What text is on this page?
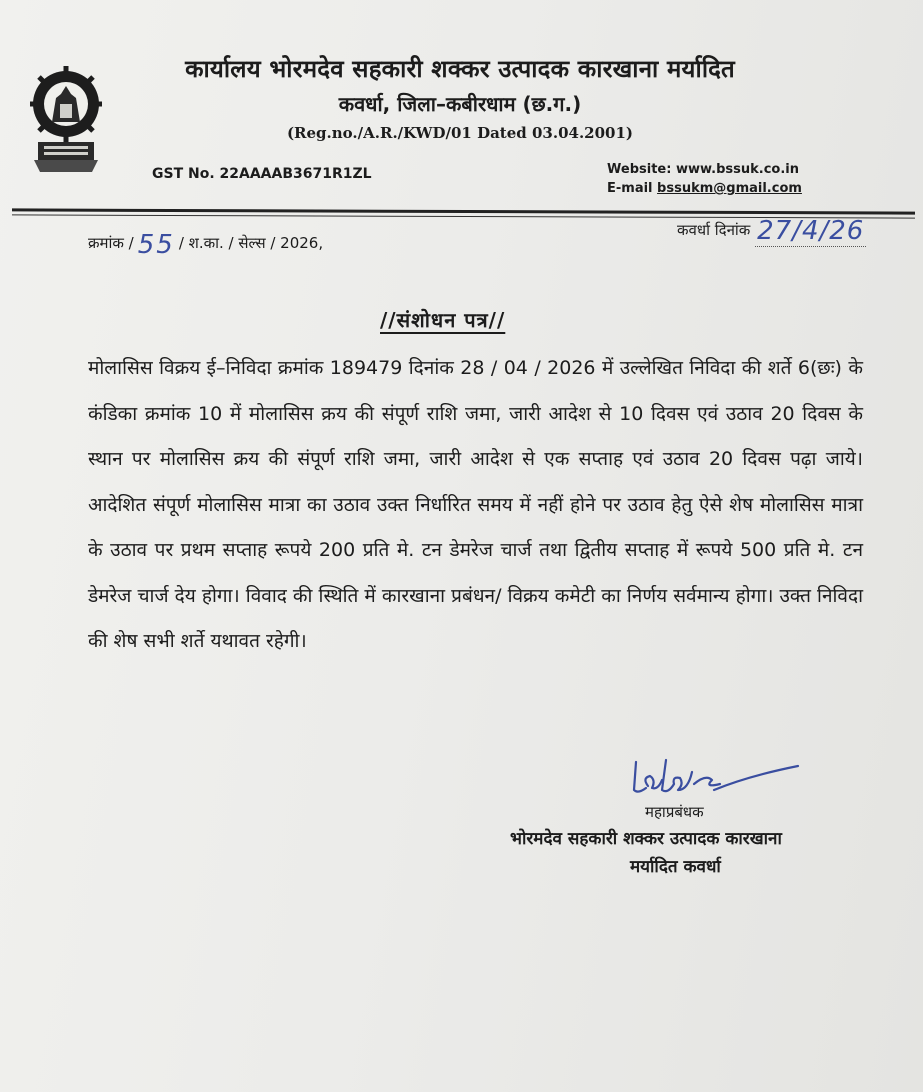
कार्यालय भोरमदेव सहकारी शक्कर उत्पादक कारखाना मर्यादित
कवर्धा, जिला–कबीरधाम (छ.ग.)
(Reg.no./A.R./KWD/01 Dated 03.04.2001)
GST No. 22AAAAB3671R1ZL	Website: www.bssuk.co.in
E-mail bssukm@gmail.com
क्रमांक / 55 / श.का. / सेल्स / 2026,
कवर्धा दिनांक 27/4/26
//संशोधन पत्र//
मोलासिस विक्रय ई–निविदा क्रमांक 189479 दिनांक 28 / 04 / 2026 में उल्लेखित निविदा की शर्ते 6(छः) के कंडिका क्रमांक 10 में मोलासिस क्रय की संपूर्ण राशि जमा, जारी आदेश से 10 दिवस एवं उठाव 20 दिवस के स्थान पर मोलासिस क्रय की संपूर्ण राशि जमा, जारी आदेश से एक सप्ताह एवं उठाव 20 दिवस पढ़ा जाये। आदेशित संपूर्ण मोलासिस मात्रा का उठाव उक्त निर्धारित समय में नहीं होने पर उठाव हेतु ऐसे शेष मोलासिस मात्रा के उठाव पर प्रथम सप्ताह रूपये 200 प्रति मे. टन डेमरेज चार्ज तथा द्वितीय सप्ताह में रूपये 500 प्रति मे. टन डेमरेज चार्ज देय होगा। विवाद की स्थिति में कारखाना प्रबंधन/ विक्रय कमेटी का निर्णय सर्वमान्य होगा। उक्त निविदा की शेष सभी शर्ते यथावत रहेगी।
महाप्रबंधक
भोरमदेव सहकारी शक्कर उत्पादक कारखाना
मर्यादित कवर्धा
